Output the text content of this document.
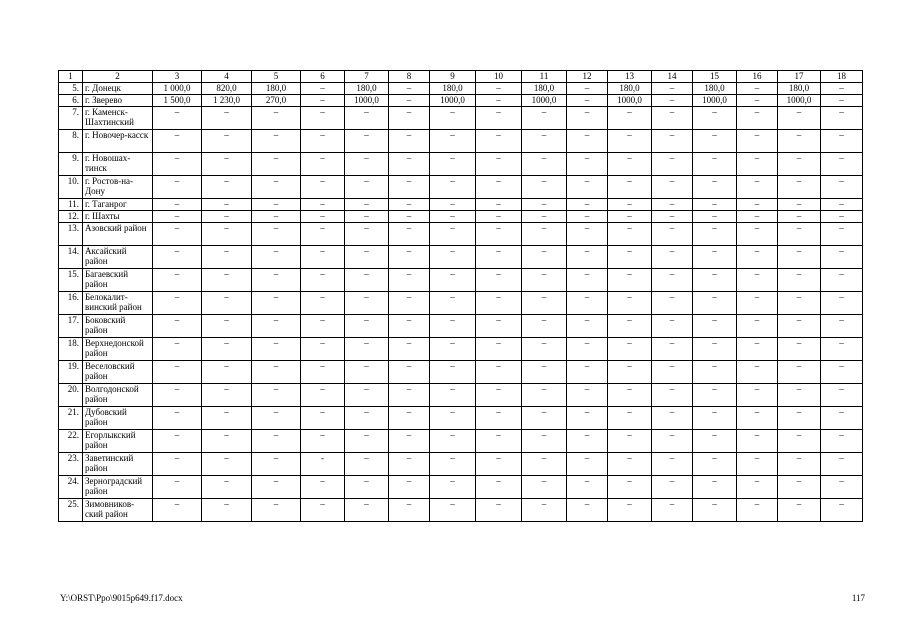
1	2	3	4	5	6	7	8	9	10	11	12	13	14	15	16	17	18
5.	г. Донецк	1 000,0	820,0	180,0	–	180,0	–	180,0	–	180,0	–	180,0	–	180,0	–	180,0	–
6.	г. Зверево	1 500,0	1 230,0	270,0	–	1000,0	–	1000,0	–	1000,0	–	1000,0	–	1000,0	–	1000,0	–
7.	г. Каменск-Шахтинский	–	–	–	–	–	–	–	–	–	–	–	–	–	–	–	–
8.	г. Новочер-касск	–	–	–	–	–	–	–	–	–	–	–	–	–	–	–	–
9.	г. Новошах-тинск	–	–	–	–	–	–	–	–	–	–	–	–	–	–	–	–
10.	г. Ростов-на-Дону	–	–	–	–	–	–	–	–	–	–	–	–	–	–	–	–
11.	г. Таганрог	–	–	–	–	–	–	–	–	–	–	–	–	–	–	–	–
12.	г. Шахты	–	–	–	–	–	–	–	–	–	–	–	–	–	–	–	–
13.	Азовский район	–	–	–	–	–	–	–	–	–	–	–	–	–	–	–	–
14.	Аксайский район	–	–	–	–	–	–	–	–	–	–	–	–	–	–	–	–
15.	Багаевский район	–	–	–	–	–	–	–	–	–	–	–	–	–	–	–	–
16.	Белокалит-винский район	–	–	–	–	–	–	–	–	–	–	–	–	–	–	–	–
17.	Боковский район	–	–	–	–	–	–	–	–	–	–	–	–	–	–	–	–
18.	Верхнедонской район	–	–	–	–	–	–	–	–	–	–	–	–	–	–	–	–
19.	Веселовский район	–	–	–	–	–	–	–	–	–	–	–	–	–	–	–	–
20.	Волгодонской район	–	–	–	–	–	–	–	–	–	–	–	–	–	–	–	–
21.	Дубовский район	–	–	–	–	–	–	–	–	–	–	–	–	–	–	–	–
22.	Егорлыкский район	–	–	–	–	–	–	–	–	–	–	–	–	–	–	–	–
23.	Заветинский район	–	–	–	-	–	–	–	–	–	–	–	–	–	–	–	–
24.	Зерноградский район	–	–	–	–	–	–	–	–	–	–	–	–	–	–	–	–
25.	Зимовников-ский район	–	–	–	–	–	–	–	–	–	–	–	–	–	–	–	–
Y:\ORST\Ppo\9015p649.f17.docx	117
